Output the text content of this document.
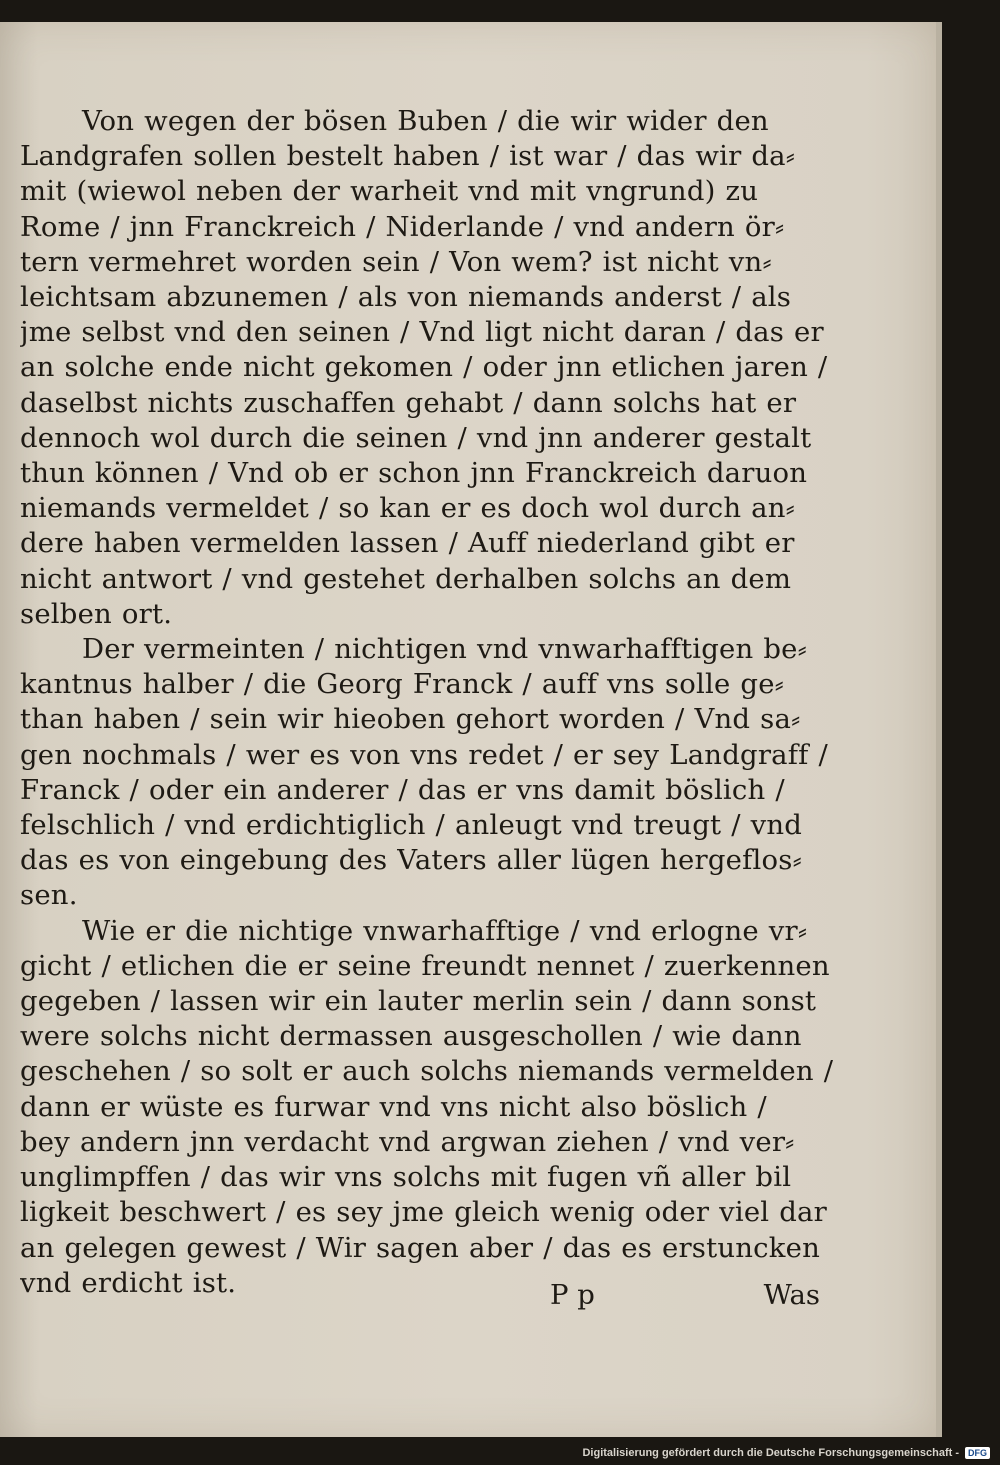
Von wegen der bösen Buben / die wir wider den
Landgrafen sollen bestelt haben / ist war / das wir da⸗
mit (wiewol neben der warheit vnd mit vngrund) zu
Rome / jnn Franckreich / Niderlande / vnd andern ör⸗
tern vermehret worden sein / Von wem? ist nicht vn⸗
leichtsam abzunemen / als von niemands anderst / als
jme selbst vnd den seinen / Vnd ligt nicht daran / das er
an solche ende nicht gekomen / oder jnn etlichen jaren /
daselbst nichts zuschaffen gehabt / dann solchs hat er
dennoch wol durch die seinen / vnd jnn anderer gestalt
thun können / Vnd ob er schon jnn Franckreich daruon
niemands vermeldet / so kan er es doch wol durch an⸗
dere haben vermelden lassen / Auff niederland gibt er
nicht antwort / vnd gestehet derhalben solchs an dem
selben ort.
Der vermeinten / nichtigen vnd vnwarhafftigen be⸗
kantnus halber / die Georg Franck / auff vns solle ge⸗
than haben / sein wir hieoben gehort worden / Vnd sa⸗
gen nochmals / wer es von vns redet / er sey Landgraff /
Franck / oder ein anderer / das er vns damit böslich /
felschlich / vnd erdichtiglich / anleugt vnd treugt / vnd
das es von eingebung des Vaters aller lügen hergeflos⸗
sen.
Wie er die nichtige vnwarhafftige / vnd erlogne vr⸗
gicht / etlichen die er seine freundt nennet / zuerkennen
gegeben / lassen wir ein lauter merlin sein / dann sonst
were solchs nicht dermassen ausgeschollen / wie dann
geschehen / so solt er auch solchs niemands vermelden /
dann er wüste es furwar vnd vns nicht also böslich /
bey andern jnn verdacht vnd argwan ziehen / vnd ver⸗
unglimpffen / das wir vns solchs mit fugen vñ aller bil
ligkeit beschwert / es sey jme gleich wenig oder viel dar
an gelegen gewest / Wir sagen aber / das es erstuncken
vnd erdicht ist.	P p	Was
Digitalisierung gefördert durch die Deutsche Forschungsgemeinschaft -	DFG
